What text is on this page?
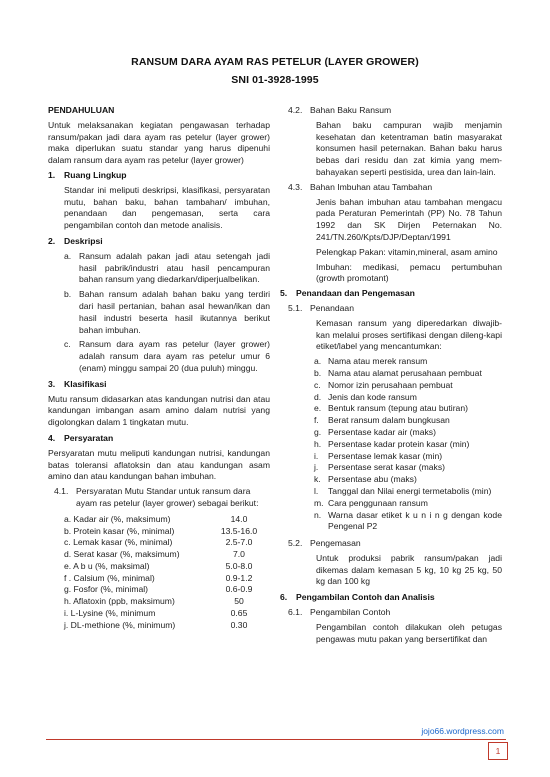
RANSUM DARA AYAM RAS PETELUR (LAYER GROWER)
SNI 01-3928-1995
PENDAHULUAN
Untuk melaksanakan kegiatan pengawasan terhadap ransum/pakan jadi dara ayam ras petelur (layer grower) maka diperlukan suatu standar yang harus dipenuhi dalam ransum dara ayam ras petelur (layer grower)
1.	Ruang Lingkup
Standar ini meliputi deskripsi, klasifikasi, persyaratan mutu, bahan baku, bahan tambahan/ imbuhan, penandaan dan pengemasan, serta cara pengambilan contoh dan metode analisis.
2.	Deskripsi
a. Ransum adalah pakan jadi atau setengah jadi hasil pabrik/industri atau hasil pencampuran bahan ransum yang diedarkan/diperjualbelikan.
b. Bahan ransum adalah bahan baku yang terdiri dari hasil pertanian, bahan asal hewan/ikan dan hasil industri beserta hasil ikutannya berikut bahan imbuhan.
c. Ransum dara ayam ras petelur (layer grower) adalah ransum dara ayam ras petelur umur 6 (enam) minggu sampai 20 (dua puluh) minggu.
3.	Klasifikasi
Mutu ransum didasarkan atas kandungan nutrisi dan atau kandungan imbangan asam amino dalam nutrisi yang digolongkan dalam 1 tingkatan mutu.
4.	Persyaratan
Persyaratan mutu meliputi kandungan nutrisi, kandungan batas toleransi aflatoksin dan atau kandungan asam amino dan atau kandungan bahan imbuhan.
4.1. Persyaratan Mutu Standar untuk ransum dara ayam ras petelur (layer grower) sebagai berikut:
a. Kadar air (%, maksimum)	14.0
b. Protein kasar (%, minimal)	13.5-16.0
c. Lemak kasar (%, minimal)	2.5-7.0
d. Serat kasar (%, maksimum)	7.0
e. A b u (%, maksimal)	5.0-8.0
f . Calsium (%, minimal)	0.9-1.2
g. Fosfor (%, minimal)	0.6-0.9
h. Aflatoxin (ppb, maksimum)	50
i. L-Lysine (%, minimum	0.65
j. DL-methione (%, minimum)	0.30
4.2. Bahan Baku Ransum
Bahan baku campuran wajib menjamin kesehatan dan ketentraman batin masyarakat konsumen hasil peternakan. Bahan baku harus bebas dari residu dan zat kimia yang mem-bahayakan seperti pestisida, urea dan lain-lain.
4.3. Bahan Imbuhan atau Tambahan
Jenis bahan imbuhan atau tambahan mengacu pada Peraturan Pemerintah (PP) No. 78 Tahun 1992 dan SK Dirjen Peternakan No. 241/TN.260/Kpts/DJP/Deptan/1991
Pelengkap Pakan: vitamin,mineral, asam amino
Imbuhan: medikasi, pemacu pertumbuhan (growth promotant)
5.	Penandaan dan Pengemasan
5.1. Penandaan
Kemasan ransum yang diperedarkan diwajib-kan melalui proses sertifikasi dengan dileng-kapi etiket/label yang mencantumkan:
a. Nama atau merek ransum
b. Nama atau alamat perusahaan pembuat
c. Nomor izin perusahaan pembuat
d. Jenis dan kode ransum
e. Bentuk ransum (tepung atau butiran)
f.	Berat ransum dalam bungkusan
g. Persentase kadar air (maks)
h. Persentase kadar protein kasar (min)
i.	Persentase lemak kasar (min)
j.	Persentase serat kasar (maks)
k. Persentase abu (maks)
l.	Tanggal dan Nilai energi termetabolis (min)
m. Cara penggunaan ransum
n. Warna dasar etiket k u n i n g dengan kode Pengenal P2
5.2. Pengemasan
Untuk produksi pabrik ransum/pakan jadi dikemas dalam kemasan 5 kg, 10 kg 25 kg, 50 kg dan 100 kg
6.	Pengambilan Contoh dan Analisis
6.1. Pengambilan Contoh
Pengambilan contoh dilakukan oleh petugas pengawas mutu pakan yang bersertifikat dan
jojo66.wordpress.com
1
